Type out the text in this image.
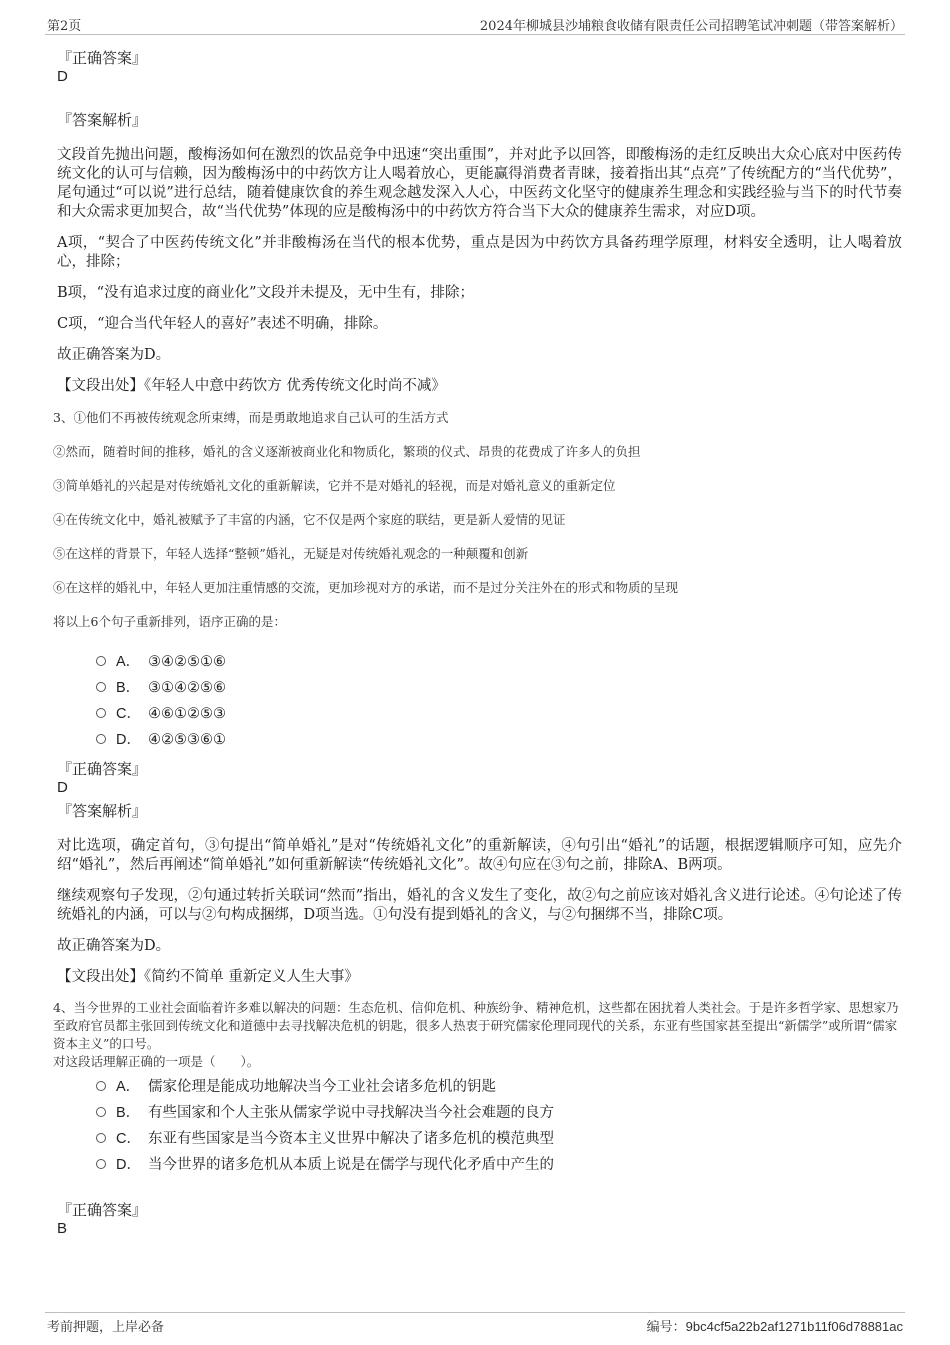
第2页	2024年柳城县沙埔粮食收储有限责任公司招聘笔试冲刺题（带答案解析）
『正确答案』
D
『答案解析』
文段首先抛出问题，酸梅汤如何在激烈的饮品竞争中迅速“突出重围”，并对此予以回答，即酸梅汤的走红反映出大众心底对中医药传统文化的认可与信赖，因为酸梅汤中的中药饮方让人喝着放心，更能赢得消费者青睐，接着指出其“点亮”了传统配方的“当代优势”，尾句通过“可以说”进行总结，随着健康饮食的养生观念越发深入人心，中医药文化坚守的健康养生理念和实践经验与当下的时代节奏和大众需求更加契合，故“当代优势”体现的应是酸梅汤中的中药饮方符合当下大众的健康养生需求，对应D项。
A项，“契合了中医药传统文化”并非酸梅汤在当代的根本优势，重点是因为中药饮方具备药理学原理，材料安全透明，让人喝着放心，排除；
B项，“没有追求过度的商业化”文段并未提及，无中生有，排除；
C项，“迎合当代年轻人的喜好”表述不明确，排除。
故正确答案为D。
【文段出处】《年轻人中意中药饮方 优秀传统文化时尚不减》
3、①他们不再被传统观念所束缚，而是勇敢地追求自己认可的生活方式
②然而，随着时间的推移，婚礼的含义逐渐被商业化和物质化，繁琐的仪式、昂贵的花费成了许多人的负担
③简单婚礼的兴起是对传统婚礼文化的重新解读，它并不是对婚礼的轻视，而是对婚礼意义的重新定位
④在传统文化中，婚礼被赋予了丰富的内涵，它不仅是两个家庭的联结，更是新人爱情的见证
⑤在这样的背景下，年轻人选择“整顿”婚礼，无疑是对传统婚礼观念的一种颠覆和创新
⑥在这样的婚礼中，年轻人更加注重情感的交流，更加珍视对方的承诺，而不是过分关注外在的形式和物质的呈现
将以上6个句子重新排列，语序正确的是：
A． ③④②⑤①⑥
B． ③①④②⑤⑥
C． ④⑥①②⑤③
D． ④②⑤③⑥①
『正确答案』
D
『答案解析』
对比选项，确定首句，③句提出“简单婚礼”是对“传统婚礼文化”的重新解读，④句引出“婚礼”的话题，根据逻辑顺序可知，应先介绍“婚礼”，然后再阐述“简单婚礼”如何重新解读“传统婚礼文化”。故④句应在③句之前，排除A、B两项。
继续观察句子发现，②句通过转折关联词“然而”指出，婚礼的含义发生了变化，故②句之前应该对婚礼含义进行论述。④句论述了传统婚礼的内涵，可以与②句构成捆绑，D项当选。①句没有提到婚礼的含义，与②句捆绑不当，排除C项。
故正确答案为D。
【文段出处】《简约不简单 重新定义人生大事》
4、当今世界的工业社会面临着许多难以解决的问题：生态危机、信仰危机、种族纷争、精神危机，这些都在困扰着人类社会。于是许多哲学家、思想家乃至政府官员都主张回到传统文化和道德中去寻找解决危机的钥匙，很多人热衷于研究儒家伦理同现代的关系，东亚有些国家甚至提出“新儒学”或所谓“儒家资本主义”的口号。
对这段话理解正确的一项是（　　）。
A． 儒家伦理是能成功地解决当今工业社会诸多危机的钥匙
B． 有些国家和个人主张从儒家学说中寻找解决当今社会难题的良方
C． 东亚有些国家是当今资本主义世界中解决了诸多危机的模范典型
D． 当今世界的诸多危机从本质上说是在儒学与现代化矛盾中产生的
『正确答案』
B
考前押题，上岸必备	编号：9bc4cf5a22b2af1271b11f06d78881ac
